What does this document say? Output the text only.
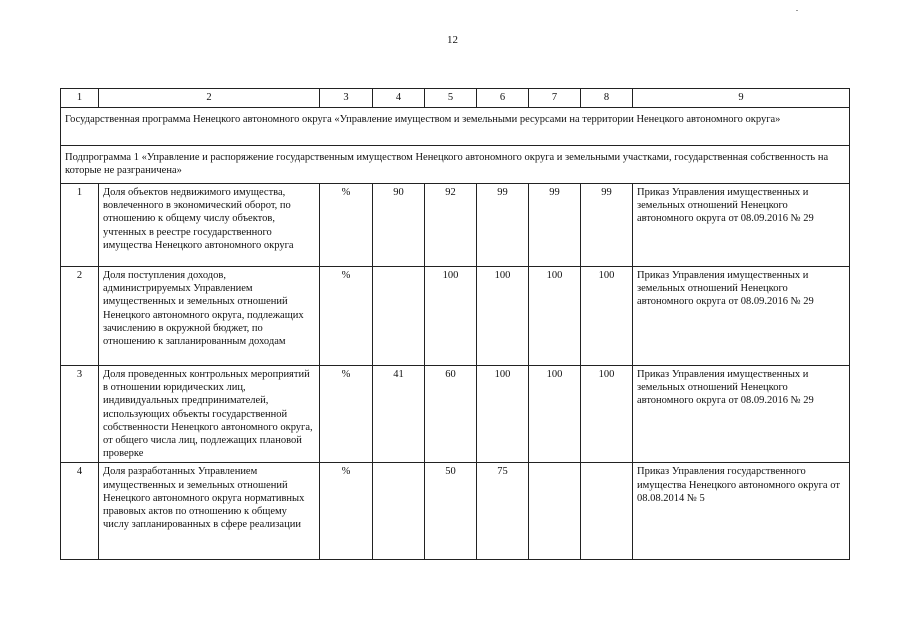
12
1	2	3	4	5	6	7	8	9
Государственная программа Ненецкого автономного округа «Управление имуществом и земельными ресурсами на территории Ненецкого автономного округа»								
Подпрограмма 1 «Управление и распоряжение государственным имуществом Ненецкого автономного округа и земельными участками, государственная собственность на которые не разграничена»								
1	Доля объектов недвижимого имущества, вовлеченного в экономический оборот, по отношению к общему числу объектов, учтенных в реестре государственного имущества Ненецкого автономного округа	%	90	92	99	99	99	Приказ Управления имущественных и земельных отношений Ненецкого автономного округа от 08.09.2016 № 29
2	Доля поступления доходов, администрируемых Управлением имущественных и земельных отношений Ненецкого автономного округа, подлежащих зачислению в окружной бюджет, по отношению к запланированным доходам	%		100	100	100	100	Приказ Управления имущественных и земельных отношений Ненецкого автономного округа от 08.09.2016 № 29
3	Доля проведенных контрольных мероприятий в отношении юридических лиц, индивидуальных предпринимателей, использующих объекты государственной собственности Ненецкого автономного округа, от общего числа лиц, подлежащих плановой проверке	%	41	60	100	100	100	Приказ Управления имущественных и земельных отношений Ненецкого автономного округа от 08.09.2016 № 29
4	Доля разработанных Управлением имущественных и земельных отношений Ненецкого автономного округа нормативных правовых актов по отношению к общему числу запланированных в сфере реализации	%		50	75			Приказ Управления государственного имущества Ненецкого автономного округа от 08.08.2014 № 5
